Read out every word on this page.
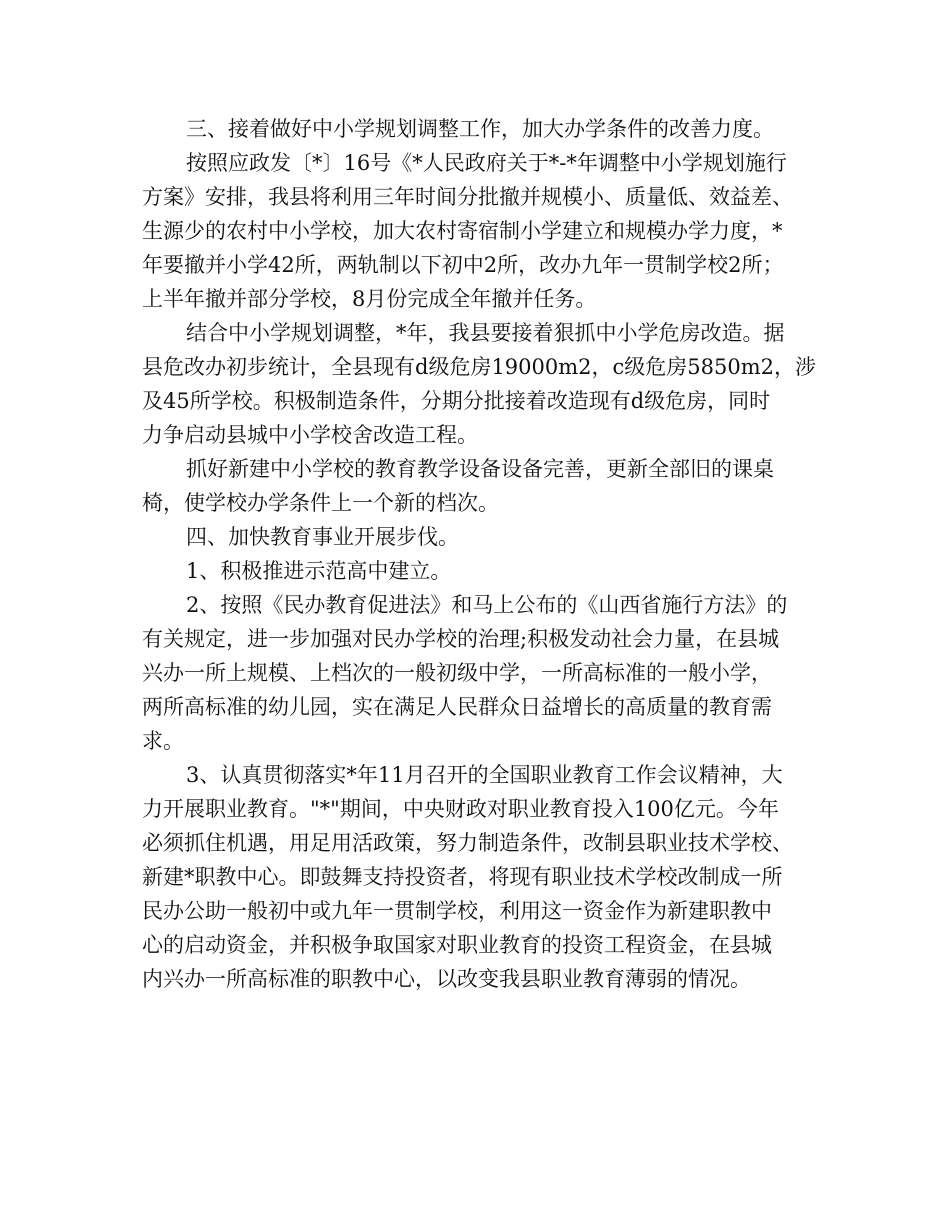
三、接着做好中小学规划调整工作，加大办学条件的改善力度。
按照应政发〔*〕16号《*人民政府关于*-*年调整中小学规划施行
方案》安排，我县将利用三年时间分批撤并规模小、质量低、效益差、
生源少的农村中小学校，加大农村寄宿制小学建立和规模办学力度，*
年要撤并小学42所，两轨制以下初中2所，改办九年一贯制学校2所；
上半年撤并部分学校，8月份完成全年撤并任务。
结合中小学规划调整，*年，我县要接着狠抓中小学危房改造。据
县危改办初步统计，全县现有d级危房19000m2，c级危房5850m2，涉
及45所学校。积极制造条件，分期分批接着改造现有d级危房，同时
力争启动县城中小学校舍改造工程。
抓好新建中小学校的教育教学设备设备完善，更新全部旧的课桌
椅，使学校办学条件上一个新的档次。
四、加快教育事业开展步伐。
1、积极推进示范高中建立。
2、按照《民办教育促进法》和马上公布的《山西省施行方法》的
有关规定，进一步加强对民办学校的治理;积极发动社会力量，在县城
兴办一所上规模、上档次的一般初级中学，一所高标准的一般小学，
两所高标准的幼儿园，实在满足人民群众日益增长的高质量的教育需
求。
3、认真贯彻落实*年11月召开的全国职业教育工作会议精神，大
力开展职业教育。"*"期间，中央财政对职业教育投入100亿元。今年
必须抓住机遇，用足用活政策，努力制造条件，改制县职业技术学校、
新建*职教中心。即鼓舞支持投资者，将现有职业技术学校改制成一所
民办公助一般初中或九年一贯制学校，利用这一资金作为新建职教中
心的启动资金，并积极争取国家对职业教育的投资工程资金，在县城
内兴办一所高标准的职教中心，以改变我县职业教育薄弱的情况。
